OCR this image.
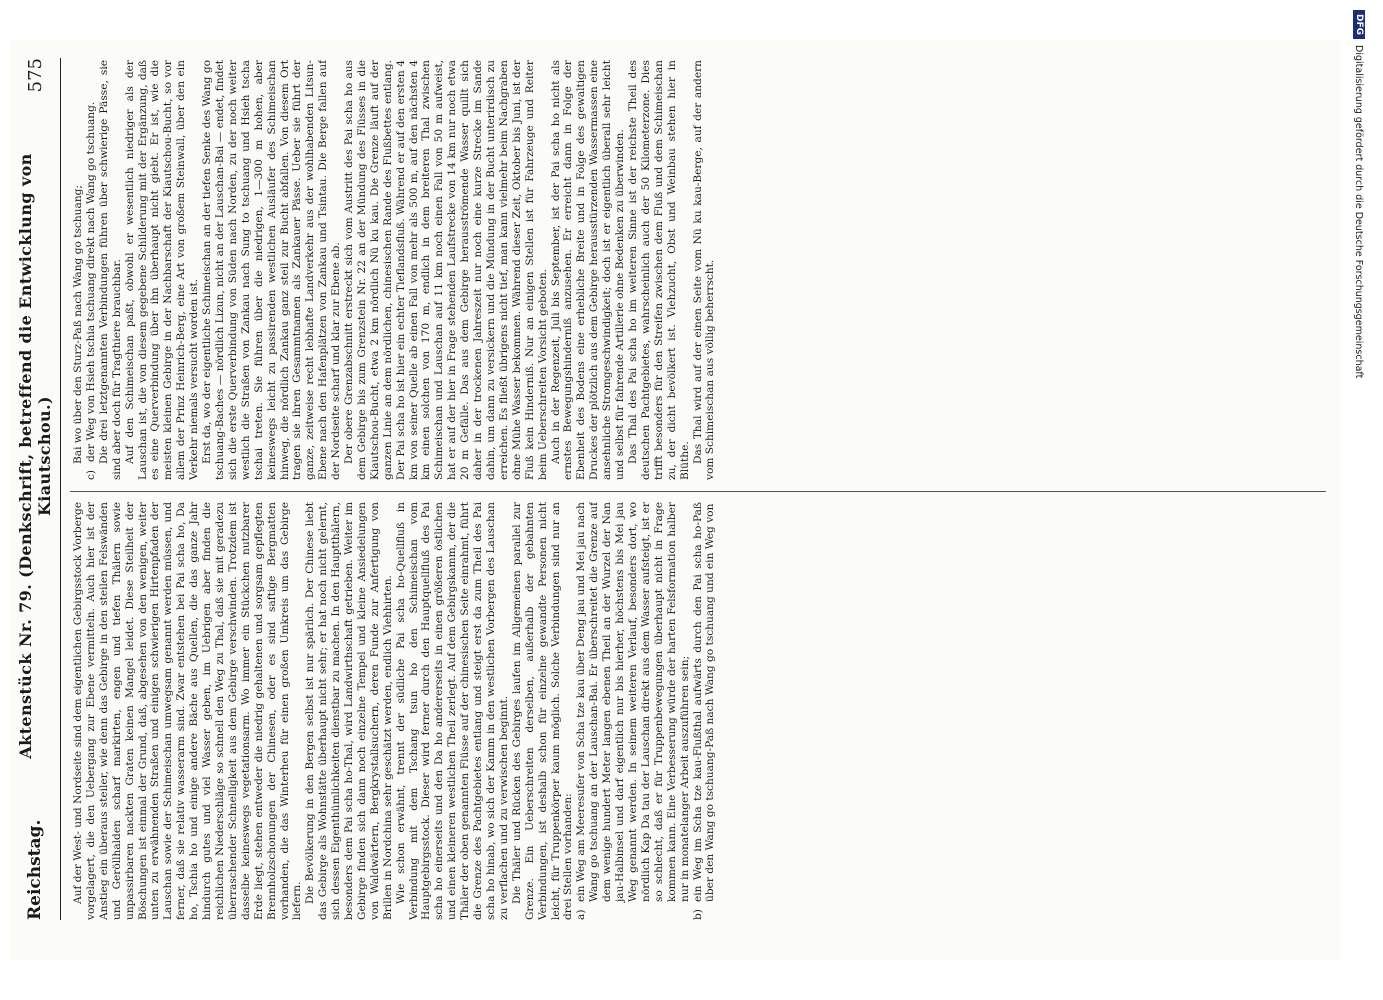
Reichstag.
Aktenstück Nr. 79. (Denkschrift, betreffend die Entwicklung von Kiautschou.)
575

Auf der West- und Nordseite sind dem eigentlichen Gebirgsstock Vorberge vorgelagert, die den Uebergang zur Ebene vermitteln. Auch hier ist der Anstieg ein überaus steiler, wie denn das Gebirge in den steilen Felswänden und Geröllhalden scharf markirten, engen und tiefen Thälern sowie unpassirbaren nackten Graten keinen Mangel leidet. Diese Steilheit der Böschungen ist einmal der Grund, daß, abgesehen von den wenigen, weiter unten zu erwähnenden Straßen und einigen schwierigen Hirtenpfaden der Lauschan sowie der Schimeischan umwegsam genannt werden müssen, und ferner, daß sie relativ wasserarm sind. Zwar entstehen bei Pai scha ho, Da ho, Tschia ho und einige andere Bäche aus Quellen, die das ganze Jahr hindurch gutes und viel Wasser geben, im Uebrigen aber finden die reichlichen Niederschläge so schnell den Weg zu Thal, daß sie mit geradezu überraschender Schnelligkeit aus dem Gebirge verschwinden. Trotzdem ist dasselbe keineswegs vegetationsarm. Wo immer ein Stückchen nutzbarer Erde liegt, stehen entweder die niedrig gehaltenen und sorgsam gepflegten Brennholzschonungen der Chinesen, oder es sind saftige Bergmatten vorhanden, die das Winterheu für einen großen Umkreis um das Gebirge liefern. Die Bevölkerung in den Bergen selbst ist nur spärlich. Der Chinese liebt das Gebirge als Wohnstätte überhaupt nicht sehr; er hat noch nicht gelernt, sich dessen Eigenthümlichkeiten dienstbar zu machen. In den Hauptthälern, besonders dem Pai scha ho-Thal, wird Landwirthschaft getrieben. Weiter im Gebirge finden sich dann noch einzelne Tempel und kleine Ansiedelungen von Waldwärtern, Bergkrystallsuchern, deren Funde zur Anfertigung von Brillen in Nordchina sehr geschätzt werden, endlich Viehhirten. Wie schon erwähnt, trennt der südliche Pai scha ho-Quellfluß in Verbindung mit dem Tschang tsun ho den Schimeischan vom Hauptgebirgsstock. Dieser wird ferner durch den Hauptquellfluß des Pai scha ho einerseits und den Da ho andererseits in einen größeren östlichen und einen kleineren westlichen Theil zerlegt. Auf dem Gebirgskamm, der die Thäler der oben genannten Flüsse auf der chinesischen Seite einrahmt, führt die Grenze des Pachtgebietes entlang und steigt erst da zum Theil des Pai scha ho hinab, wo sich der Kamm in den westlichen Vorbergen des Lauschan zu verflachen und zu verwischen beginnt. Die Thäler und Rücken des Gebirges laufen im Allgemeinen parallel zur Grenze. Ein Ueberschreiten derselben, außerhalb der gebahnten Verbindungen, ist deshalb schon für einzelne gewandte Personen nicht leicht, für Truppenkörper kaum möglich. Solche Verbindungen sind nur an drei Stellen vorhanden: a)ein Weg am Meeresufer von Scha tze kau über Deng jau und Mei jau nach Wang go tschuang an der Lauschan-Bai. Er überschreitet die Grenze auf dem wenige hundert Meter langen ebenen Theil an der Wurzel der Nan jau-Halbinsel und darf eigentlich nur bis hierher, höchstens bis Mei jau Weg genannt werden. In seinem weiteren Verlauf, besonders dort, wo nördlich Kap Da tau der Lauschan direkt aus dem Wasser aufsteigt, ist er so schlecht, daß er für Truppenbewegungen überhaupt nicht in Frage kommen kann. Eine Verbesserung würde der harten Felsformation halber nur in monatelanger Arbeit auszuführen sein;

b)ein Weg im Scha tze kau-Flußthal aufwärts durch den Pai scha ho-Paß über den Wang go tschuang-Paß nach Wang go tschuang und ein Weg von

Bai wo über den Sturz-Paß nach Wang go tschuang;

c)der Weg von Hsieh tschia tschuang direkt nach Wang go tschuang. Die drei letztgenannten Verbindungen führen über schwierige Pässe, sie sind aber doch für Tragthiere brauchbar. Auf den Schimeischan paßt, obwohl er wesentlich niedriger als der Lauschan ist, die von diesem gegebene Schilderung mit der Ergänzung, daß es eine Querverbindung über ihn überhaupt nicht giebt. Er ist, wie die meisten kleinen Gebirge in der Nachbarschaft der Kiautschou-Bucht, so vor allem der Prinz Heinrich-Berg, eine Art von großem Steinwall, über den ein Verkehr niemals versucht worden ist. Erst da, wo der eigentliche Schimeischan an der tiefen Senke des Wang go tschuang-Baches — nördlich Lizun, nicht an der Lauschan-Bai — endet, findet sich die erste Querverbindung von Süden nach Norden, zu der noch weiter westlich die Straßen von Zankau nach Sung to tschuang und Hsieh tscha tschai treten. Sie führen über die niedrigen, 1—300 m hohen, aber keineswegs leicht zu passirenden westlichen Ausläufer des Schimeischan hinweg, die nördlich Zankau ganz steil zur Bucht abfallen. Von diesem Ort tragen sie ihren Gesammtnamen als Zankauer Pässe. Ueber sie führt der ganze, zeitweise recht lebhafte Landverkehr aus der wohlhabenden Litsun-Ebene nach den Hafenplätzen von Zankau und Tsintau. Die Berge fallen auf der Nordseite scharf und klar zur Ebene ab. Der obere Grenzabschnitt erstreckt sich vom Austritt des Pai scha ho aus dem Gebirge bis zum Grenzstein Nr. 22 an der Mündung des Flüsses in die Kiautschou-Bucht, etwa 2 km nördlich Nü ku kau. Die Grenze läuft auf der ganzen Linie an dem nördlichen, chinesischen Rande des Flußbettes entlang. Der Pai scha ho ist hier ein echter Tieflandsfluß. Während er auf den ersten 4 km von seiner Quelle ab einen Fall von mehr als 500 m, auf den nächsten 4 km einen solchen von 170 m, endlich in dem breiteren Thal zwischen Schimeischan und Lauschan auf 11 km noch einen Fall von 50 m aufweist, hat er auf der hier in Frage stehenden Laufstrecke von 14 km nur noch etwa 20 m Gefälle. Das aus dem Gebirge herausströmende Wasser quillt sich daher in der trockenen Jahreszeit nur noch eine kurze Strecke im Sande dahin, um dann zu versickern und die Mündung in der Bucht unterirdisch zu erreichen. Es fließt übrigens nicht tief, man kann vielmehr beim Nachgraben ohne Mühe Wasser bekommen. Während dieser Zeit, Oktober bis Juni, ist der Fluß kein Hinderniß. Nur an einigen Stellen ist für Fahrzeuge und Reiter beim Ueberschreiten Vorsicht geboten. Auch in der Regenzeit, Juli bis September, ist der Pai scha ho nicht als ernstes Bewegungshinderniß anzusehen. Er erreicht dann in Folge der Ebenheit des Bodens eine erhebliche Breite und in Folge des gewaltigen Druckes der plötzlich aus dem Gebirge herausstürzenden Wassermassen eine ansehnliche Stromgeschwindigkeit; doch ist er eigentlich überall sehr leicht und selbst für fahrende Artillerie ohne Bedenken zu überwinden. Das Thal des Pai scha ho im weiteren Sinne ist der reichste Theil des deutschen Pachtgebietes, wahrscheinlich auch der 50 Kilometerzone. Dies trifft besonders für den Streifen zwischen dem Fluß und dem Schimeischan zu, der dicht bevölkert ist. Viehzucht, Obst und Weinbau stehen hier in Blüthe. Das Thal wird auf der einen Seite vom Nü ku kau-Berge, auf der andern vom Schimeischan aus völlig beherrscht.

DFG
Digitalisierung gefördert durch die Deutsche Forschungsgemeinschaft
